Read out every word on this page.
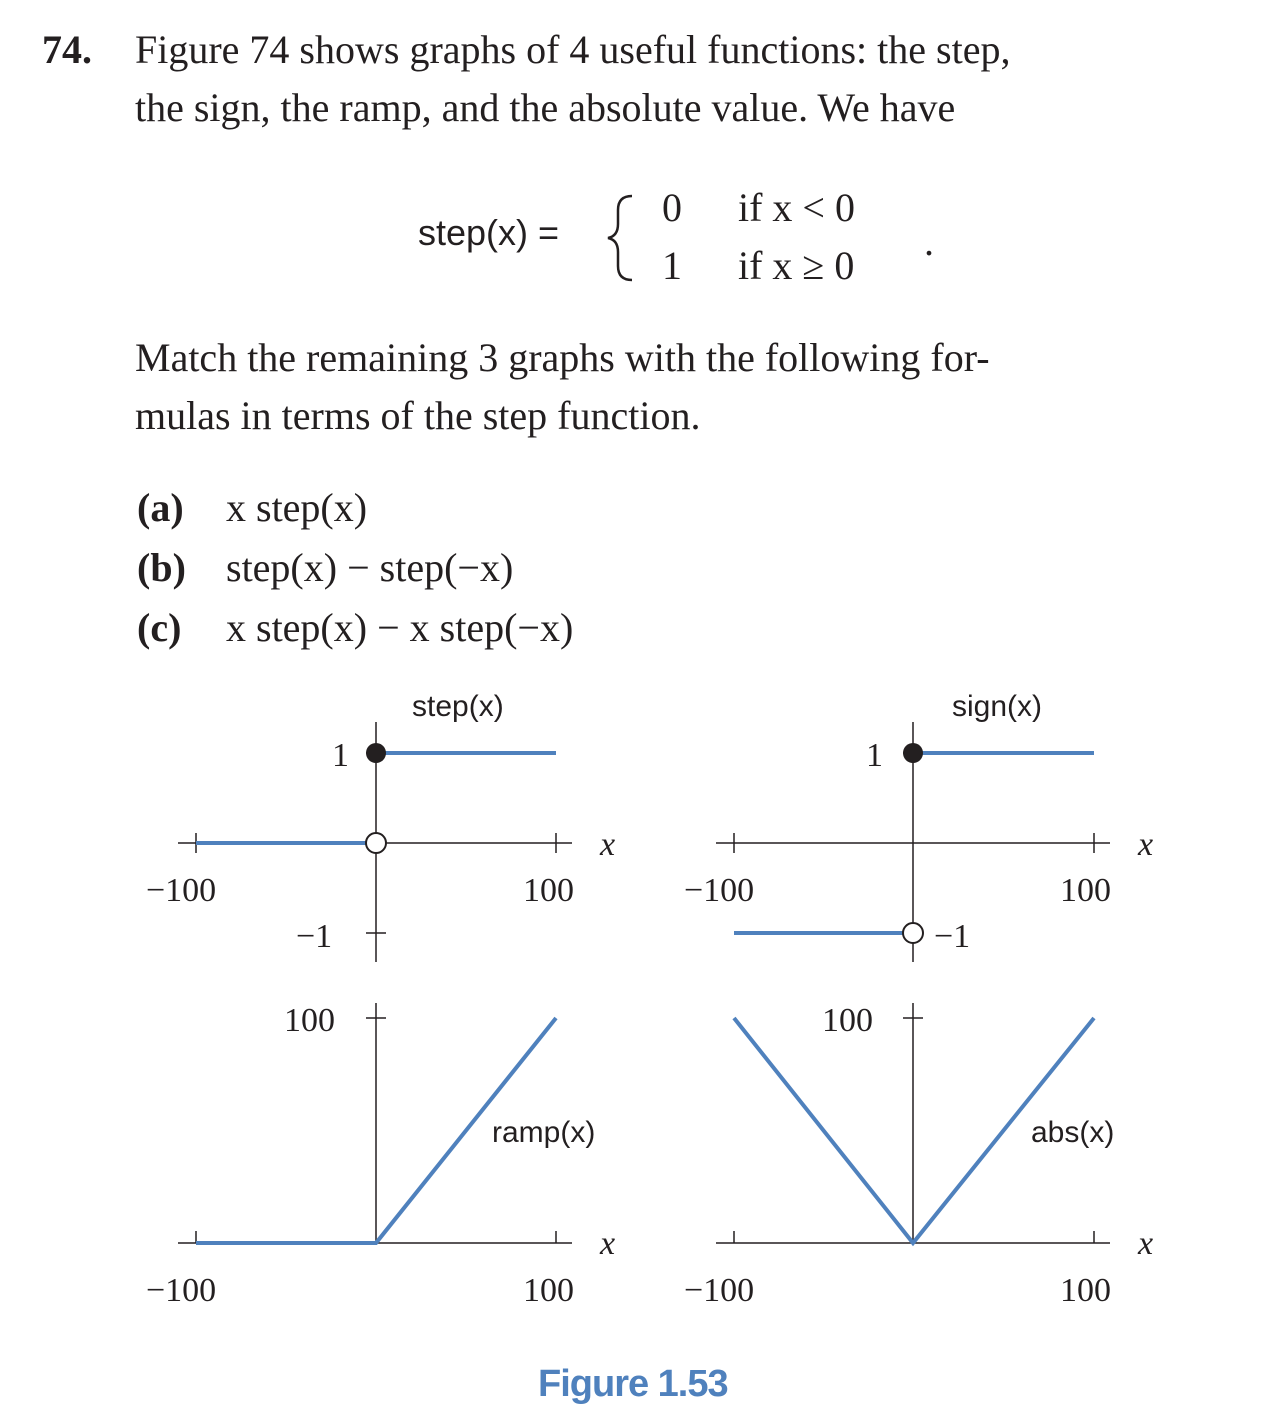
74. Figure 74 shows graphs of 4 useful functions: the step,
the sign, the ramp, and the absolute value. We have
step(x) =
0 if x < 0
1 if x ≥ 0
.
Match the remaining 3 graphs with the following for-
mulas in terms of the step function.
(a) x step(x)
(b) step(x) − step(−x)
(c) x step(x) − x step(−x)
step(x)
x
−100	100
1
−1
sign(x)
x
−100	100
1
−1
ramp(x)
x
−100	100
100
abs(x)
x
−100	100
100
Figure 1.53
